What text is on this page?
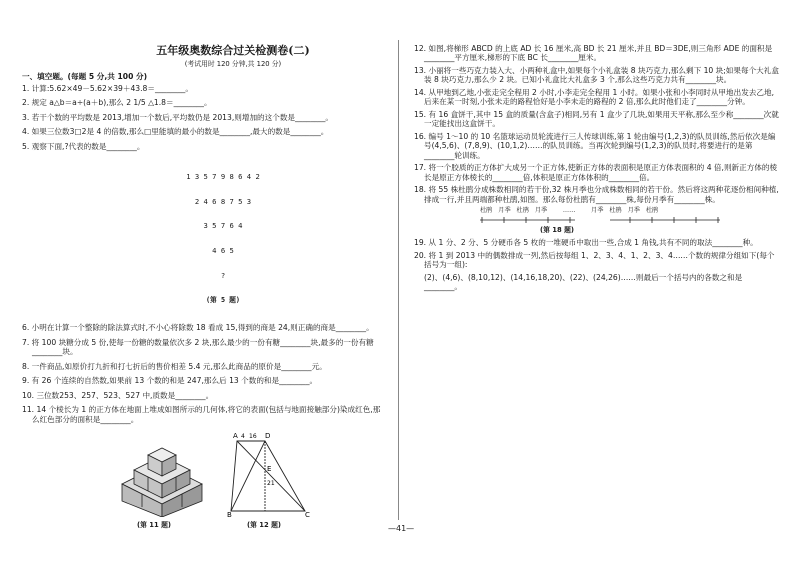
五年级奥数综合过关检测卷(二)
(考试用时 120 分钟,共 120 分)
一、填空题。(每题 5 分,共 100 分)
1. 计算:5.62×49－5.62×39＋43.8＝________。
2. 规定 a△b＝a÷(a＋b),那么 2 1/5 △1.8＝________。
3. 若干个数的平均数是 2013,增加一个数后,平均数仍是 2013,则增加的这个数是________。
4. 如果三位数3□2是 4 的倍数,那么□里能填的最小的数是________,最大的数是________。
5. 观察下面,?代表的数是________。

1 3 5 7 9 8 6 4 2

2 4 6 8 7 5 3

3 5 7 6 4

4 6 5

?

(第 5 题)

6. 小明在计算一个整除的除法算式时,不小心将除数 18 看成 15,得到的商是 24,则正确的商是________。
7. 将 100 块糖分成 5 份,使每一份糖的数量依次多 2 块,那么最少的一份有糖________块,最多的一份有糖________块。
8. 一件商品,如原价打九折和打七折后的售价相差 5.4 元,那么此商品的原价是________元。
9. 有 26 个连续的自然数,如果前 13 个数的和是 247,那么后 13 个数的和是________。
10. 三位数253、257、523、527 中,质数是________。
11. 14 个棱长为 1 的正方体在地面上堆成如图所示的几何体,将它的表面(包括与地面接触部分)染成红色,那么红色部分的面积是________。
A 4 16 D
E
21
B	C
(第 11 题)	(第 12 题)
12. 如图,将梯形 ABCD 的上底 AD 长 16 厘米,高 BD 长 21 厘米,并且 BD＝3DE,则三角形 ADE 的面积是________平方厘米,梯形的下底 BC 长________厘米。
13. 小丽将一些巧克力装入大、小两种礼盒中,如果每个小礼盒装 8 块巧克力,那么剩下 10 块;如果每个大礼盒装 8 块巧克力,那么少 2 块。已知小礼盒比大礼盒多 3 个,那么这些巧克力共有________块。
14. 从甲地到乙地,小张走完全程用 2 小时,小李走完全程用 1 小时。如果小张和小李同时从甲地出发去乙地,后来在某一时刻,小张未走的路程恰好是小李未走的路程的 2 倍,那么此时他们走了________分钟。
15. 有 16 盒饼干,其中 15 盒的质量(含盒子)相同,另有 1 盒少了几块,如果用天平称,那么至少称________次就一定能找出这盒饼干。
16. 编号 1～10 的 10 名篮球运动员轮流进行三人传球训练,第 1 轮由编号(1,2,3)的队员训练,然后依次是编号(4,5,6)、(7,8,9)、(10,1,2)……的队员训练。当再次轮到编号(1,2,3)的队员时,将要进行的是第________轮训练。
17. 将一个胶质的正方体扩大成另一个正方体,使新正方体的表面积是原正方体表面积的 4 倍,则新正方体的棱长是原正方体棱长的________倍,体积是原正方体体积的________倍。
18. 将 55 株杜鹃分成株数相同的若干份,32 株月季也分成株数相同的若干份。然后将这两种花逐份相间种植,排成一行,并且两端都种杜鹃,如图。那么每份杜鹃有________株,每份月季有________株。
杜鹃   月季   杜鹃   月季        ……        月季   杜鹃   月季   杜鹃
(第 18 题)
19. 从 1 分、2 分、5 分硬币各 5 枚的一堆硬币中取出一些,合成 1 角钱,共有不同的取法________种。
20. 将 1 到 2013 中的偶数排成一列,然后按每组 1、2、3、4、1、2、3、4……个数的规律分组如下(每个括号为一组):
(2)、(4,6)、(8,10,12)、(14,16,18,20)、(22)、(24,26)……则最后一个括号内的各数之和是________。
—41—
